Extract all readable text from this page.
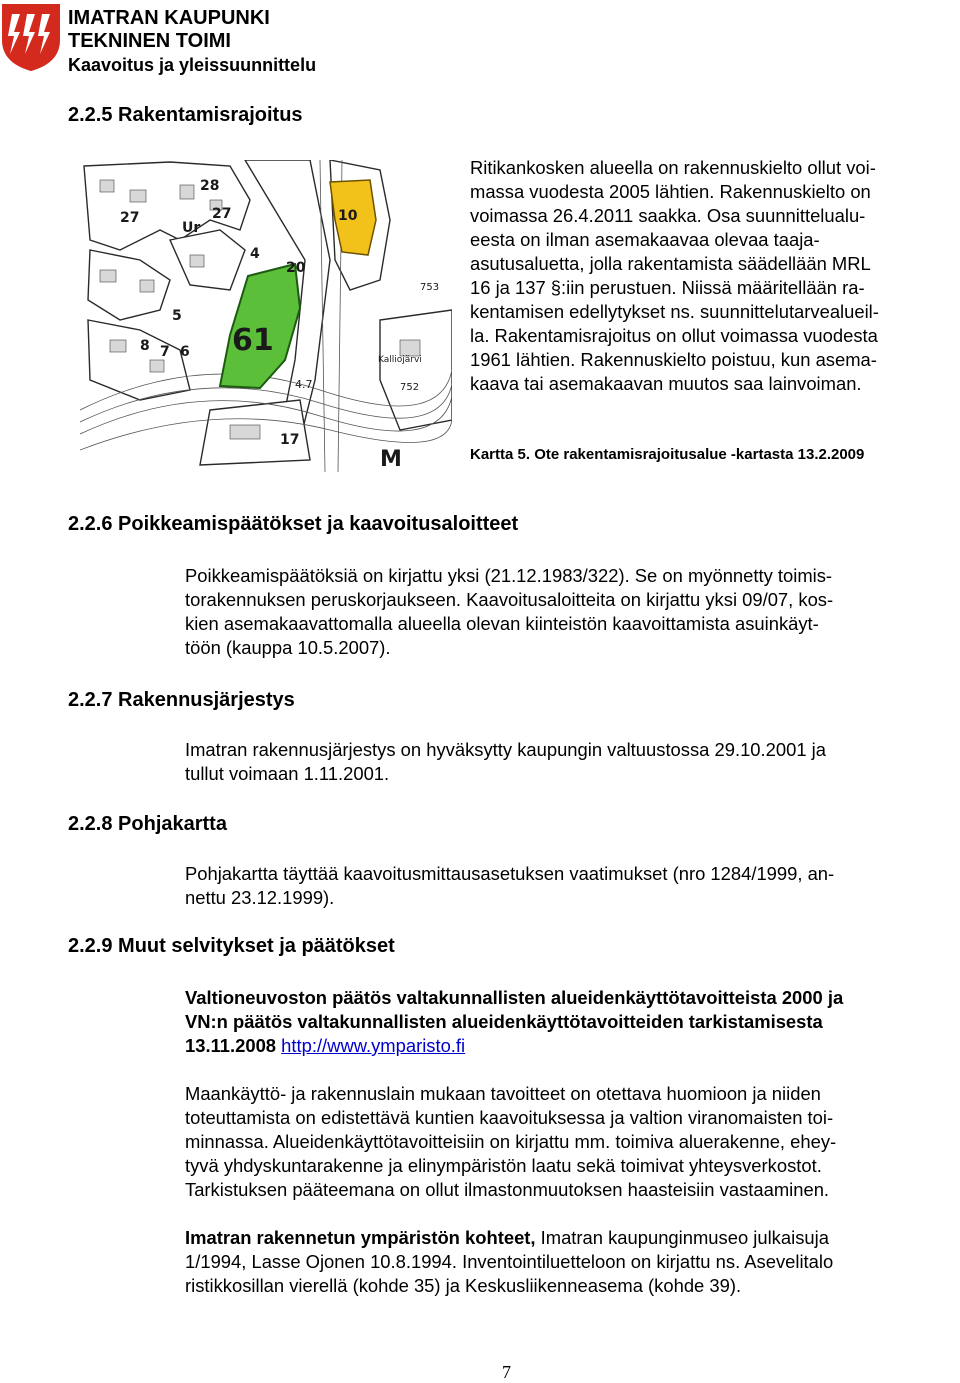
IMATRAN KAUPUNKI
TEKNINEN TOIMI
Kaavoitus ja yleissuunnittelu
2.2.5 Rakentamisrajoitus
27
28
27
Ur
10
4
20
5
61
8 7 6
4.7
17
753
752
Kalliojärvi
M

Ritikankosken alueella on rakennuskielto ollut voi-

massa vuodesta 2005 lähtien. Rakennuskielto on

voimassa 26.4.2011 saakka. Osa suunnittelualu-

eesta on ilman asemakaavaa olevaa taaja-

asutusaluetta, jolla rakentamista säädellään MRL

16 ja 137 §:iin perustuen. Niissä määritellään ra-

kentamisen edellytykset ns. suunnittelutarvealueil-

la. Rakentamisrajoitus on ollut voimassa vuodesta

1961 lähtien. Rakennuskielto poistuu, kun asema-

kaava tai asemakaavan muutos saa lainvoiman.

Kartta 5. Ote rakentamisrajoitusalue -kartasta 13.2.2009
2.2.6 Poikkeamispäätökset ja kaavoitusaloitteet

Poikkeamispäätöksiä on kirjattu yksi (21.12.1983/322). Se on myönnetty toimis-

torakennuksen peruskorjaukseen. Kaavoitusaloitteita on kirjattu yksi 09/07, kos-

kien asemakaavattomalla alueella olevan kiinteistön kaavoittamista asuinkäyt-

töön (kauppa 10.5.2007).

2.2.7 Rakennusjärjestys

Imatran rakennusjärjestys on hyväksytty kaupungin valtuustossa 29.10.2001 ja

tullut voimaan 1.11.2001.

2.2.8 Pohjakartta

Pohjakartta täyttää kaavoitusmittausasetuksen vaatimukset (nro 1284/1999, an-

nettu 23.12.1999).

2.2.9 Muut selvitykset ja päätökset

Valtioneuvoston päätös valtakunnallisten alueidenkäyttötavoitteista 2000 ja

VN:n päätös valtakunnallisten alueidenkäyttötavoitteiden tarkistamisesta

13.11.2008 http://www.ymparisto.fi

Maankäyttö- ja rakennuslain mukaan tavoitteet on otettava huomioon ja niiden

toteuttamista on edistettävä kuntien kaavoituksessa ja valtion viranomaisten toi-

minnassa. Alueidenkäyttötavoitteisiin on kirjattu mm. toimiva aluerakenne, ehey-

tyvä yhdyskuntarakenne ja elinympäristön laatu sekä toimivat yhteysverkostot.

Tarkistuksen pääteemana on ollut ilmastonmuutoksen haasteisiin vastaaminen.

Imatran rakennetun ympäristön kohteet, Imatran kaupunginmuseo julkaisuja

1/1994, Lasse Ojonen 10.8.1994. Inventointiluetteloon on kirjattu ns. Asevelitalo

ristikkosillan vierellä (kohde 35) ja Keskusliikenneasema (kohde 39).

7
